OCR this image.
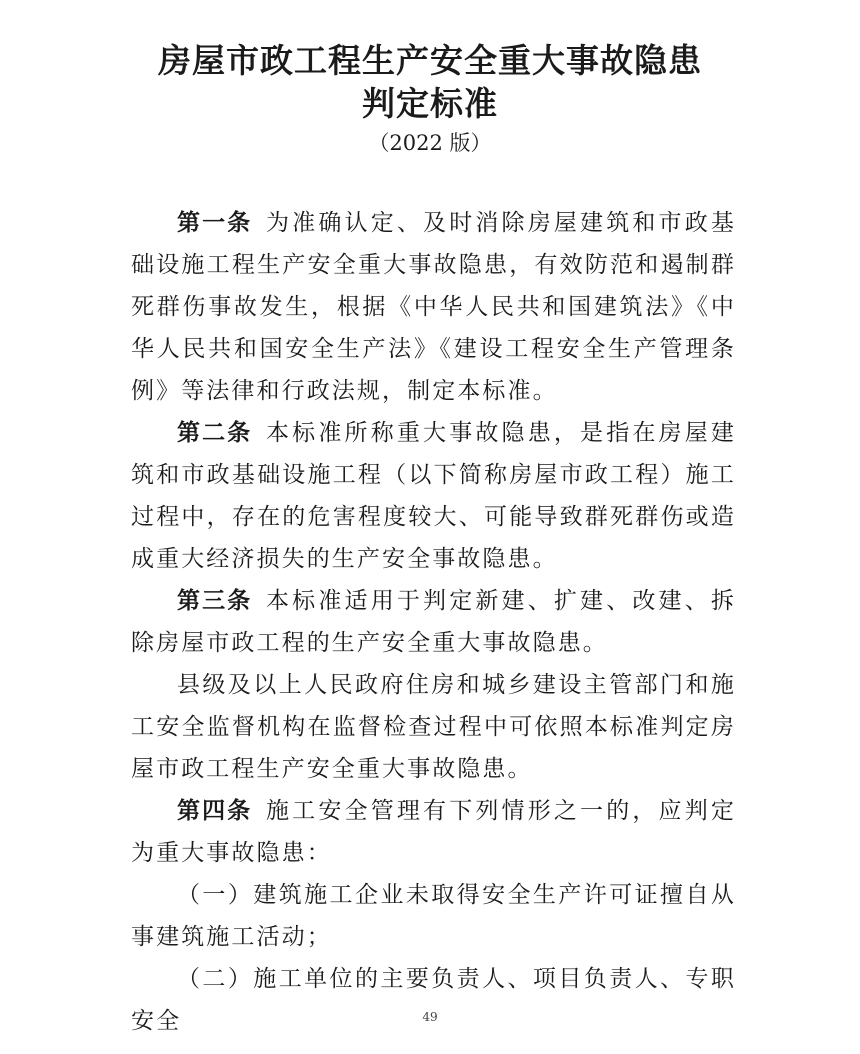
房屋市政工程生产安全重大事故隐患
判定标准
（2022 版）

第一条 为准确认定、及时消除房屋建筑和市政基础设施工程生产安全重大事故隐患，有效防范和遏制群死群伤事故发生，根据《中华人民共和国建筑法》《中华人民共和国安全生产法》《建设工程安全生产管理条例》等法律和行政法规，制定本标准。

第二条 本标准所称重大事故隐患，是指在房屋建筑和市政基础设施工程（以下简称房屋市政工程）施工过程中，存在的危害程度较大、可能导致群死群伤或造成重大经济损失的生产安全事故隐患。

第三条 本标准适用于判定新建、扩建、改建、拆除房屋市政工程的生产安全重大事故隐患。

县级及以上人民政府住房和城乡建设主管部门和施工安全监督机构在监督检查过程中可依照本标准判定房屋市政工程生产安全重大事故隐患。

第四条 施工安全管理有下列情形之一的，应判定为重大事故隐患：

（一）建筑施工企业未取得安全生产许可证擅自从事建筑施工活动；

（二）施工单位的主要负责人、项目负责人、专职安全	49
